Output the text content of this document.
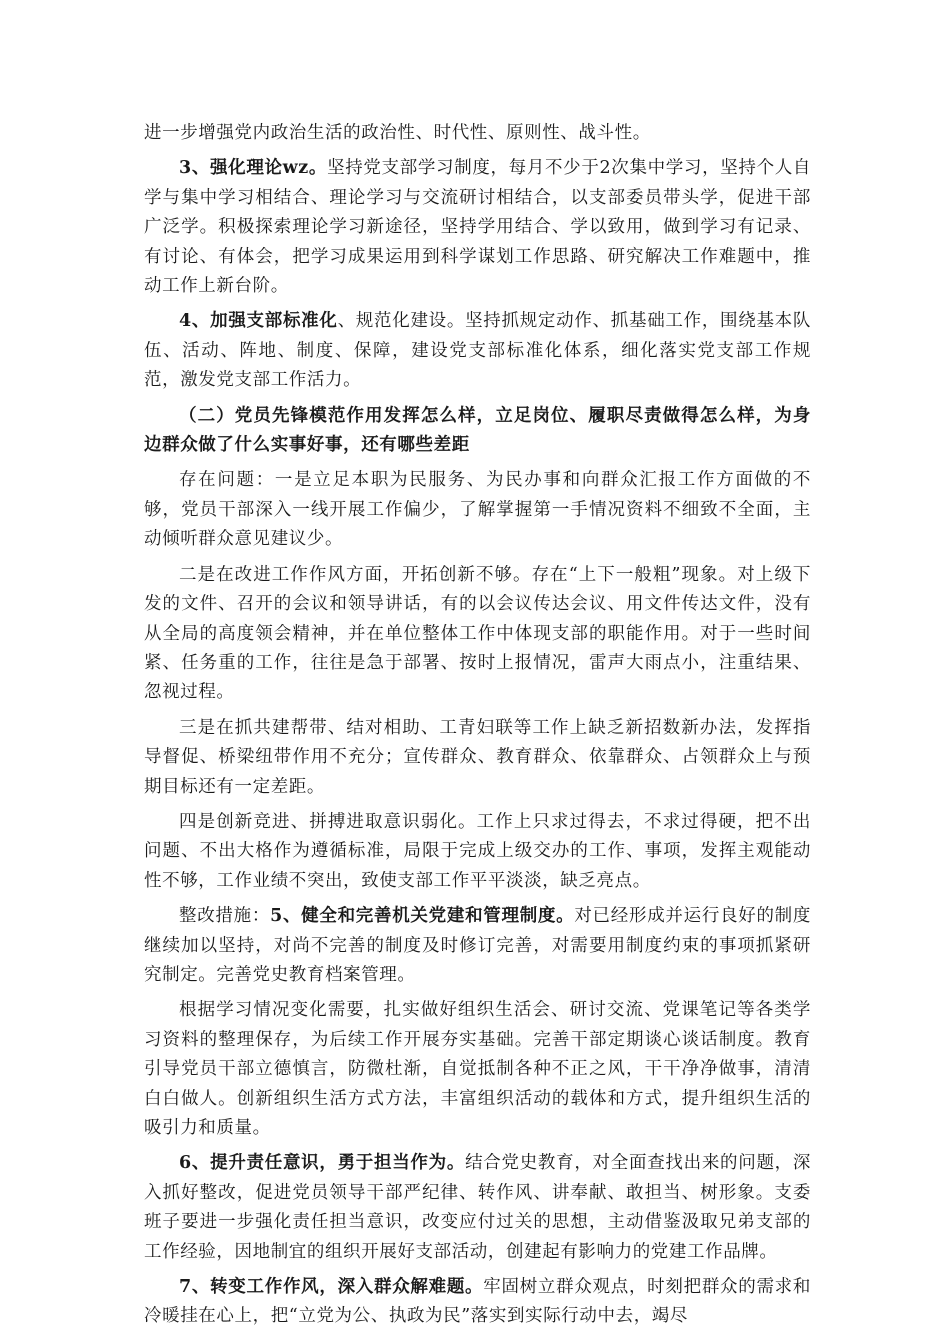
进一步增强党内政治生活的政治性、时代性、原则性、战斗性。

3、强化理论wz。坚持党支部学习制度，每月不少于2次集中学习，坚持个人自学与集中学习相结合、理论学习与交流研讨相结合，以支部委员带头学，促进干部广泛学。积极探索理论学习新途径，坚持学用结合、学以致用，做到学习有记录、有讨论、有体会，把学习成果运用到科学谋划工作思路、研究解决工作难题中，推动工作上新台阶。

4、加强支部标准化、规范化建设。坚持抓规定动作、抓基础工作，围绕基本队伍、活动、阵地、制度、保障，建设党支部标准化体系，细化落实党支部工作规范，激发党支部工作活力。

（二）党员先锋模范作用发挥怎么样，立足岗位、履职尽责做得怎么样，为身边群众做了什么实事好事，还有哪些差距

存在问题：一是立足本职为民服务、为民办事和向群众汇报工作方面做的不够，党员干部深入一线开展工作偏少，了解掌握第一手情况资料不细致不全面，主动倾听群众意见建议少。

二是在改进工作作风方面，开拓创新不够。存在“上下一般粗”现象。对上级下发的文件、召开的会议和领导讲话，有的以会议传达会议、用文件传达文件，没有从全局的高度领会精神，并在单位整体工作中体现支部的职能作用。对于一些时间紧、任务重的工作，往往是急于部署、按时上报情况，雷声大雨点小，注重结果、忽视过程。

三是在抓共建帮带、结对相助、工青妇联等工作上缺乏新招数新办法，发挥指导督促、桥梁纽带作用不充分；宣传群众、教育群众、依靠群众、占领群众上与预期目标还有一定差距。

四是创新竞进、拼搏进取意识弱化。工作上只求过得去，不求过得硬，把不出问题、不出大格作为遵循标准，局限于完成上级交办的工作、事项，发挥主观能动性不够，工作业绩不突出，致使支部工作平平淡淡，缺乏亮点。

整改措施：5、健全和完善机关党建和管理制度。对已经形成并运行良好的制度继续加以坚持，对尚不完善的制度及时修订完善，对需要用制度约束的事项抓紧研究制定。完善党史教育档案管理。

根据学习情况变化需要，扎实做好组织生活会、研讨交流、党课笔记等各类学习资料的整理保存，为后续工作开展夯实基础。完善干部定期谈心谈话制度。教育引导党员干部立德慎言，防微杜渐，自觉抵制各种不正之风，干干净净做事，清清白白做人。创新组织生活方式方法，丰富组织活动的载体和方式，提升组织生活的吸引力和质量。

6、提升责任意识，勇于担当作为。结合党史教育，对全面查找出来的问题，深入抓好整改，促进党员领导干部严纪律、转作风、讲奉献、敢担当、树形象。支委班子要进一步强化责任担当意识，改变应付过关的思想，主动借鉴汲取兄弟支部的工作经验，因地制宜的组织开展好支部活动，创建起有影响力的党建工作品牌。

7、转变工作作风，深入群众解难题。牢固树立群众观点，时刻把群众的需求和冷暖挂在心上，把“立党为公、执政为民”落实到实际行动中去，竭尽
